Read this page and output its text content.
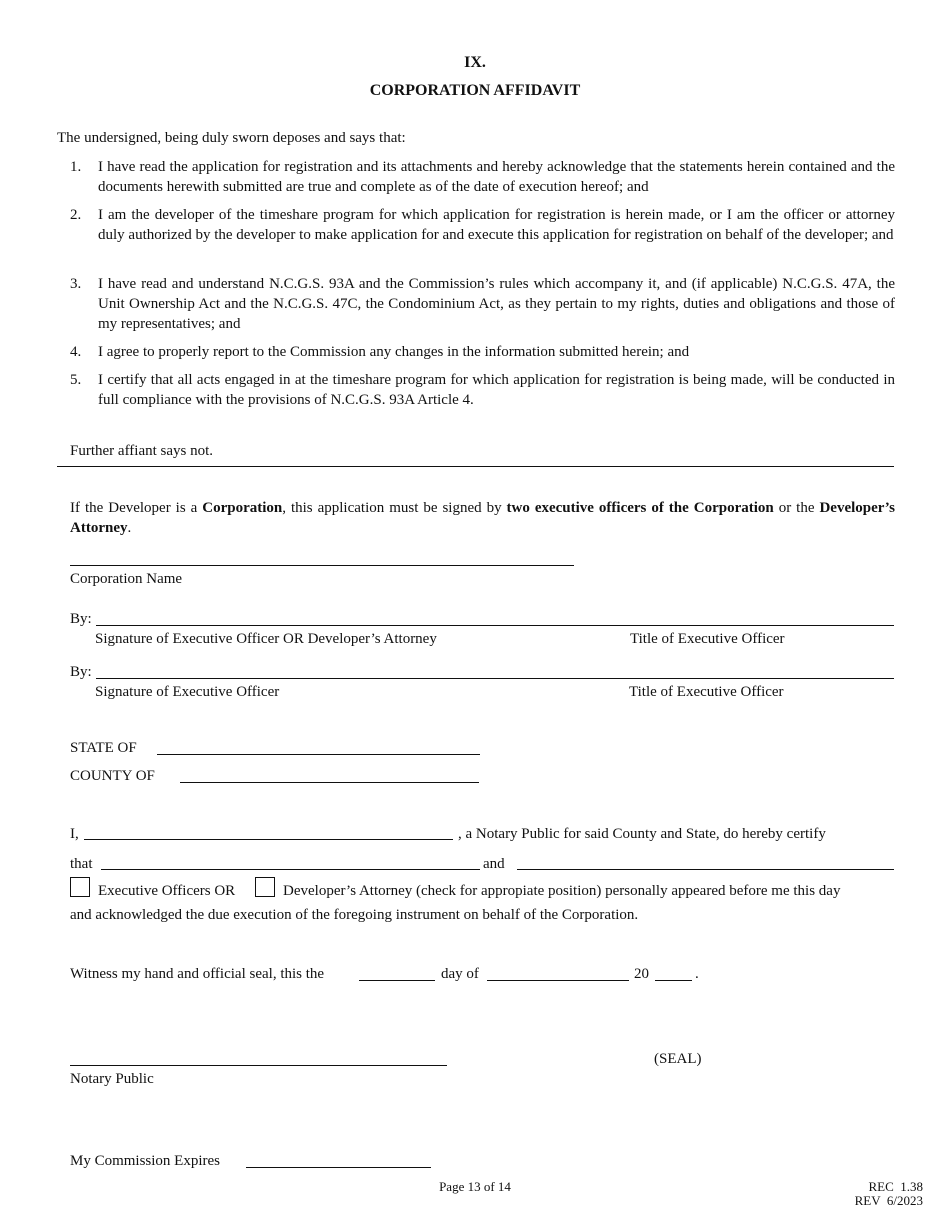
IX.
CORPORATION AFFIDAVIT
The undersigned, being duly sworn deposes and says that:
1. I have read the application for registration and its attachments and hereby acknowledge that the statements herein contained and the documents herewith submitted are true and complete as of the date of execution hereof; and
2. I am the developer of the timeshare program for which application for registration is herein made, or I am the officer or attorney duly authorized by the developer to make application for and execute this application for registration on behalf of the developer; and
3. I have read and understand N.C.G.S. 93A and the Commission’s rules which accompany it, and (if applicable) N.C.G.S. 47A, the Unit Ownership Act and the N.C.G.S. 47C, the Condominium Act, as they pertain to my rights, duties and obligations and those of my representatives; and
4. I agree to properly report to the Commission any changes in the information submitted herein; and
5. I certify that all acts engaged in at the timeshare program for which application for registration is being made, will be conducted in full compliance with the provisions of N.C.G.S. 93A Article 4.
Further affiant says not.
If the Developer is a Corporation, this application must be signed by two executive officers of the Corporation or the Developer’s Attorney.
Corporation Name
By:
Signature of Executive Officer OR Developer’s Attorney	Title of Executive Officer
By:
Signature of Executive Officer	Title of Executive Officer
STATE OF
COUNTY OF
I,	, a Notary Public for said County and State, do hereby certify
that	and
Executive Officers OR	Developer’s Attorney (check for appropiate position) personally appeared before me this day
and acknowledged the due execution of the foregoing instrument on behalf of the Corporation.
Witness my hand and official seal, this the	day of	20	.
(SEAL)
Notary Public
My Commission Expires
Page 13 of 14	REC  1.38
REV  6/2023
